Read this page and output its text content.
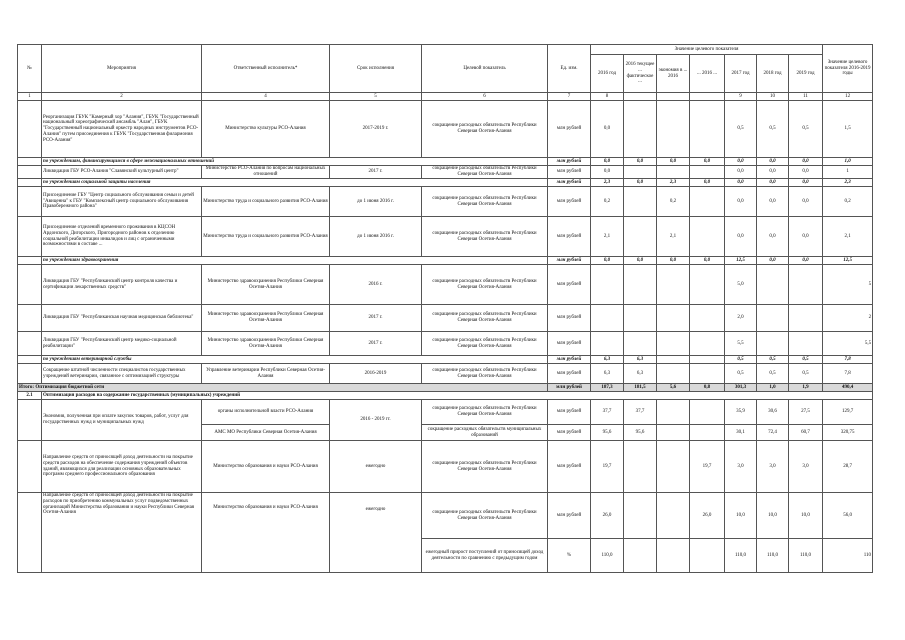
№	Мероприятия	Ответственный исполнитель*	Срок исполнения	Целевой показатель	Ед. изм.	Значение целевого показателя							Значение целевого показателя 2016-2019 годы
						2016 год	2016 текущее ... фактическое ...	экономия в ... 2016	... 2016 ...	2017 год	2018 год	2019 год	
1	2	4	5	6	7	8				9	10	11	12
	Реорганизация ГБУК "Камерный хор "Алания", ГБУК "Государственный национальный хореографический ансамбль "Алан", ГБУК "Государственный национальный оркестр народных инструментов РСО-Алания" путем присоединения к ГБУК "Государственная филармония РСО-Алания"	Министерство культуры РСО-Алания	2017-2019 г.	сокращение расходных обязательств Республики Северная Осетия-Алания	млн рублей	0,0				0,5	0,5	0,5	1,5
	по учреждениям, финансирующимся в сфере межнациональных отношений				млн рублей	0,0	0,0	0,0	0,0	0,0	0,0	0,0	1,0
	Ликвидация ГБУ РСО-Алания "Славянский культурный центр"	Министерство РСО-Алания по вопросам национальных отношений	2017 г.	сокращение расходных обязательств Республики Северная Осетия-Алания	млн рублей	0,0				0,0	0,0	0,0	1
	по учреждениям социальной защиты населения				млн рублей	2,3	0,0	2,3	0,0	0,0	0,0	0,0	2,3
	Присоединение ГБУ "Центр социального обслуживания семьи и детей "Авиценна" к ГБУ "Комплексный центр социального обслуживания Правобережного района"	Министерство труда и социального развития РСО-Алания	до 1 июня 2016 г.	сокращение расходных обязательств Республики Северная Осетия-Алания	млн рублей	0,2		0,2		0,0	0,0	0,0	0,2
	Присоединение отделений временного проживания в КЦСОН Ардонского, Дигорского, Пригородного районов к отделению социальной реабилитации инвалидов и лиц с ограниченными возможностями в составе ...	Министерство труда и социального развития РСО-Алания	до 1 июня 2016 г.	сокращение расходных обязательств Республики Северная Осетия-Алания	млн рублей	2,1		2,1		0,0	0,0	0,0	2,1
	по учреждениям здравоохранения				млн рублей	0,0	0,0	0,0	0,0	12,5	0,0	0,0	12,5
	Ликвидация ГБУ "Республиканский центр контроля качества и сертификации лекарственных средств"	Министерство здравоохранения Республики Северная Осетия-Алания	2016 г.	сокращение расходных обязательств Республики Северная Осетия-Алания	млн рублей					5,0			5
	Ликвидация ГБУ "Республиканская научная медицинская библиотека"	Министерство здравоохранения Республики Северная Осетия-Алания	2017 г.	сокращение расходных обязательств Республики Северная Осетия-Алания	млн рублей					2,0			2
	Ликвидация ГБУ "Республиканский центр медико-социальной реабилитации"	Министерство здравоохранения Республики Северная Осетия-Алания	2017 г.	сокращение расходных обязательств Республики Северная Осетия-Алания	млн рублей					5,5			5,5
	по учреждениям ветеринарной службы				млн рублей	6,3	6,3			0,5	0,5	0,5	7,8
	Сокращение штатной численности специалистов государственных учреждений ветеринарии, связанное с оптимизацией структуры	Управление ветеринарии Республики Северная Осетия-Алания	2016-2019	сокращение расходных обязательств Республики Северная Осетия-Алания	млн рублей	6,3	6,3			0,5	0,5	0,5	7,8
Итого: Оптимизация бюджетной сети					млн рублей	187,3	181,5	5,6	0,8	301,3	1,0	1,9	490,4
2.1	Оптимизация расходов на содержание государственных (муниципальных) учреждений												
	Экономия, полученная при оплате закупок товаров, работ, услуг для государственных нужд и муниципальных нужд	органы исполнительной власти РСО-Алания	2016 - 2019 гг.	сокращение расходных обязательств Республики Северная Осетия-Алания	млн рублей	37,7	37,7			35,9	30,6	27,5	129,7
		АМС МО Республики Северная Осетия-Алания		сокращение расходных обязательств муниципальных образований	млн рублей	95,6	95,6			30,1	72,4	60,7	320,75
	Направление средств от приносящей доход деятельности на покрытие средств расходов на обеспечение содержания учреждений объектов зданий, являющихся для реализации основных образовательных программ среднего профессионального образования	Министерство образования и науки РСО-Алания	ежегодно	сокращение расходных обязательств Республики Северная Осетия-Алания	млн рублей	19,7			19,7	3,0	3,0	3,0	28,7
	Направление средств от приносящей доход деятельности на покрытие расходов по приобретению коммунальных услуг подведомственных организаций Министерства образования и науки Республики Северная Осетия-Алания	Министерство образования и науки РСО-Алания	ежегодно	сокращение расходных обязательств Республики Северная Осетия-Алания	млн рублей	26,0			26,0	10,0	10,0	10,0	56,0
				ежегодный прирост поступлений от приносящей доход деятельности по сравнению с предыдущим годом	%	110,0				110,0	110,0	110,0	110
